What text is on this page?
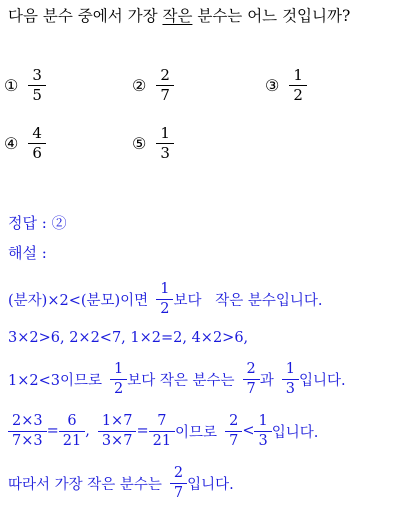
다음 분수 중에서 가장 작은 분수는 어느 것입니까?
① $\frac{3}{5}$	② $\frac{2}{7}$	③ $\frac{1}{2}$
④ $\frac{4}{6}$	⑤ $\frac{1}{3}$
정답 : ②
해설 :
(분자)×2<(분모)이면 $\frac{1}{2}$ 보다   작은 분수입니다.
3×2>6, 2×2<7, 1×2=2, 4×2>6,
1×2<3이므로 $\frac{1}{2}$ 보다 작은 분수는 $\frac{2}{7}$ 과 $\frac{1}{3}$ 입니다.
$\frac{2\times 3}{7\times 3} = \frac{6}{21}$ , $\frac{1\times 7}{3\times 7} = \frac{7}{21}$ 이므로 $\frac{2}{7} < \frac{1}{3}$ 입니다.
따라서 가장 작은 분수는 $\frac{2}{7}$ 입니다.
